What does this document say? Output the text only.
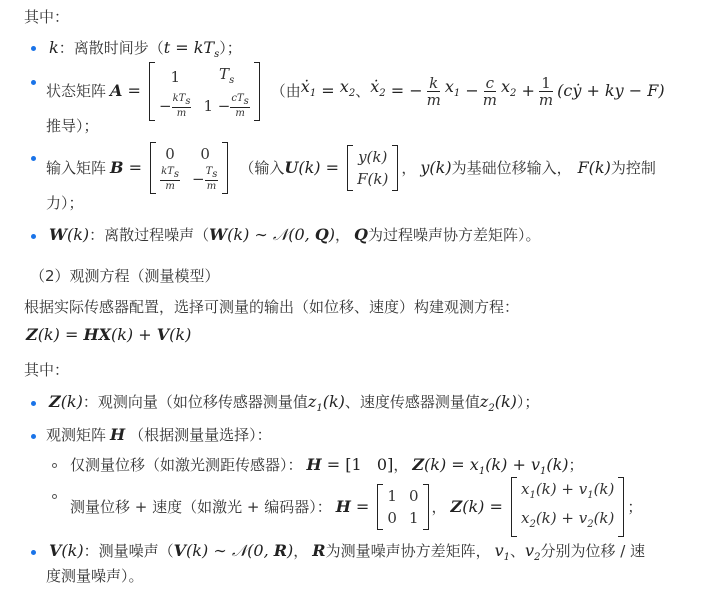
其中：
k：离散时间步$(t = kT_s)$；
状态矩阵 A =
1	$T_s$
− $kT_s$
m $1 - cT_s$
m
（由 ẋ$_1$ = $x_2$ 、 ẋ$_2$ = − $\frac{k}{m} x_1 - \frac{c}{m} x_2 + \frac{1}{m}$ (cẏ + ky − F)
推导）；
输入矩阵 B =
0 0
$kT_s$
$m - T_s$
m
（输入 U (k) =
y(k)
F(k)
， y(k) 为基础位移输入， F(k) 为控制
力）；
W(k)：离散过程噪声（W(k) ∼ 𝒩(0, Q)， Q为过程噪声协方差矩阵）。
（2）观测方程（测量模型）
根据实际传感器配置，选择可测量的输出（如位移、速度）构建观测方程：
Z(k) = HX(k) + V(k)
其中：
Z(k)：观测向量（如位移传感器测量值$z_1(k)$、速度传感器测量值$z_2(k)$）；
观测矩阵 H （根据测量量选择）：
仅测量位移（如激光测距传感器）： H = [1   0]， $Z(k) = x_1(k) + v_1(k)$；
测量位移 + 速度（如激光 + 编码器）： H =
1 0
0 1
， Z (k) =
$x_1(k) + v_1(k)$
$x_2(k) + v_2(k)$
；
V(k)：测量噪声（V(k) ∼ 𝒩(0, R)， R为测量噪声协方差矩阵， $v_1$、$v_2$分别为位移 / 速
度测量噪声）。
